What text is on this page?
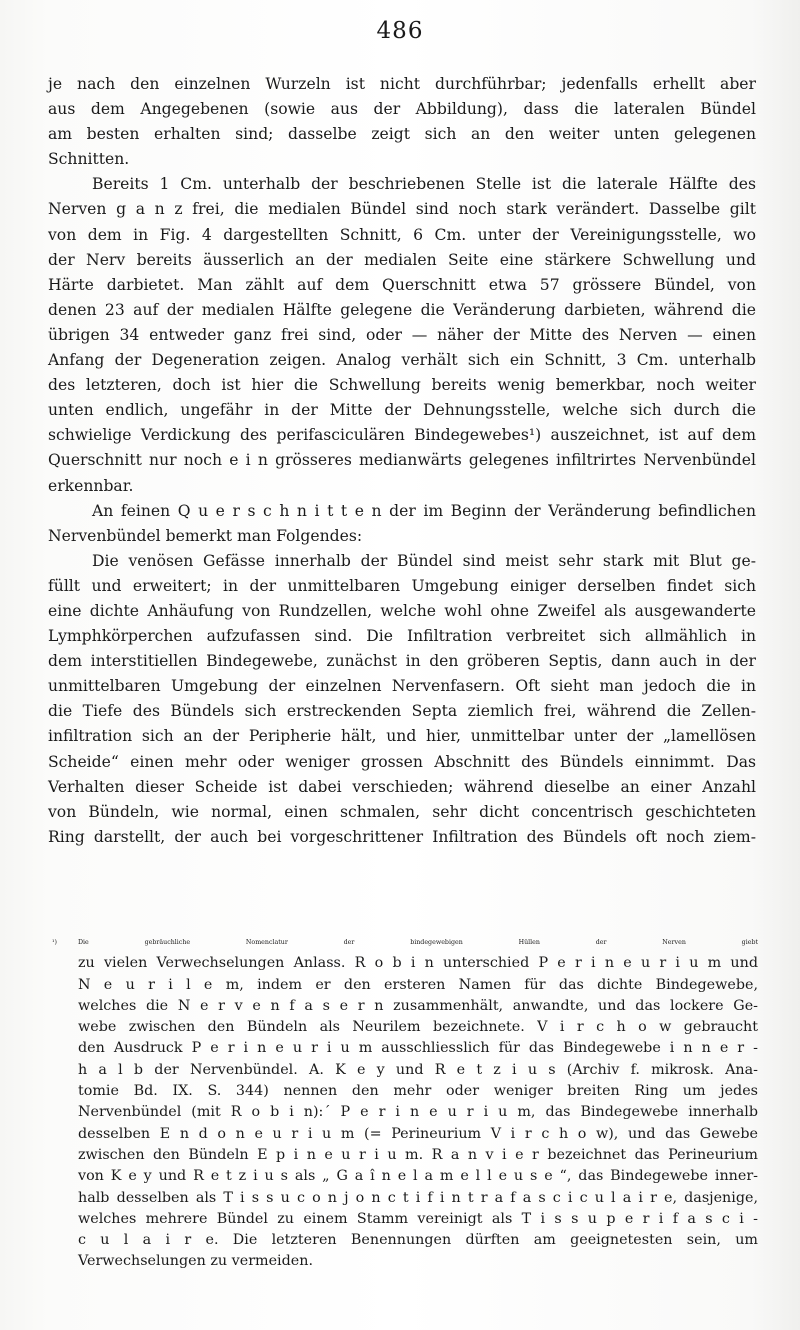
486
je nach den einzelnen Wurzeln ist nicht durchführbar; jedenfalls erhellt aber
aus dem Angegebenen (sowie aus der Abbildung), dass die lateralen Bündel
am besten erhalten sind; dasselbe zeigt sich an den weiter unten gelegenen
Schnitten.
Bereits 1 Cm. unterhalb der beschriebenen Stelle ist die laterale Hälfte des
Nerven g a n z frei, die medialen Bündel sind noch stark verändert. Dasselbe gilt
von dem in Fig. 4 dargestellten Schnitt, 6 Cm. unter der Vereinigungsstelle, wo
der Nerv bereits äusserlich an der medialen Seite eine stärkere Schwellung und
Härte darbietet. Man zählt auf dem Querschnitt etwa 57 grössere Bündel, von
denen 23 auf der medialen Hälfte gelegene die Veränderung darbieten, während die
übrigen 34 entweder ganz frei sind, oder — näher der Mitte des Nerven — einen
Anfang der Degeneration zeigen. Analog verhält sich ein Schnitt, 3 Cm. unterhalb
des letzteren, doch ist hier die Schwellung bereits wenig bemerkbar, noch weiter
unten endlich, ungefähr in der Mitte der Dehnungsstelle, welche sich durch die
schwielige Verdickung des perifasciculären Bindegewebes¹) auszeichnet, ist auf dem
Querschnitt nur noch e i n grösseres medianwärts gelegenes infiltrirtes Nervenbündel
erkennbar.
An feinen Q u e r s c h n i t t e n der im Beginn der Veränderung befindlichen
Nervenbündel bemerkt man Folgendes:
Die venösen Gefässe innerhalb der Bündel sind meist sehr stark mit Blut ge-
füllt und erweitert; in der unmittelbaren Umgebung einiger derselben findet sich
eine dichte Anhäufung von Rundzellen, welche wohl ohne Zweifel als ausgewanderte
Lymphkörperchen aufzufassen sind. Die Infiltration verbreitet sich allmählich in
dem interstitiellen Bindegewebe, zunächst in den gröberen Septis, dann auch in der
unmittelbaren Umgebung der einzelnen Nervenfasern. Oft sieht man jedoch die in
die Tiefe des Bündels sich erstreckenden Septa ziemlich frei, während die Zellen-
infiltration sich an der Peripherie hält, und hier, unmittelbar unter der „lamellösen
Scheide“ einen mehr oder weniger grossen Abschnitt des Bündels einnimmt. Das
Verhalten dieser Scheide ist dabei verschieden; während dieselbe an einer Anzahl
von Bündeln, wie normal, einen schmalen, sehr dicht concentrisch geschichteten
Ring darstellt, der auch bei vorgeschrittener Infiltration des Bündels oft noch ziem-
¹)	Die gebräuchliche Nomenclatur der bindegewebigen Hüllen der Nerven giebt
zu vielen Verwechselungen Anlass. R o b i n unterschied P e r i n e u r i u m und
N e u r i l e m, indem er den ersteren Namen für das dichte Bindegewebe,
welches die N e r v e n f a s e r n zusammenhält, anwandte, und das lockere Ge-
webe zwischen den Bündeln als Neurilem bezeichnete. V i r c h o w gebraucht
den Ausdruck P e r i n e u r i u m ausschliesslich für das Bindegewebe i n n e r -
h a l b der Nervenbündel. A. K e y und R e t z i u s (Archiv f. mikrosk. Ana-
tomie Bd. IX. S. 344) nennen den mehr oder weniger breiten Ring um jedes
Nervenbündel (mit R o b i n):´ P e r i n e u r i u m, das Bindegewebe innerhalb
desselben E n d o n e u r i u m (= Perineurium V i r c h o w), und das Gewebe
zwischen den Bündeln E p i n e u r i u m. R a n v i e r bezeichnet das Perineurium
von K e y und R e t z i u s als „ G a î n e l a m e l l e u s e “, das Bindegewebe inner-
halb desselben als T i s s u c o n j o n c t i f i n t r a f a s c i c u l a i r e, dasjenige,
welches mehrere Bündel zu einem Stamm vereinigt als T i s s u p e r i f a s c i -
c u l a i r e. Die letzteren Benennungen dürften am geeignetesten sein, um
Verwechselungen zu vermeiden.
